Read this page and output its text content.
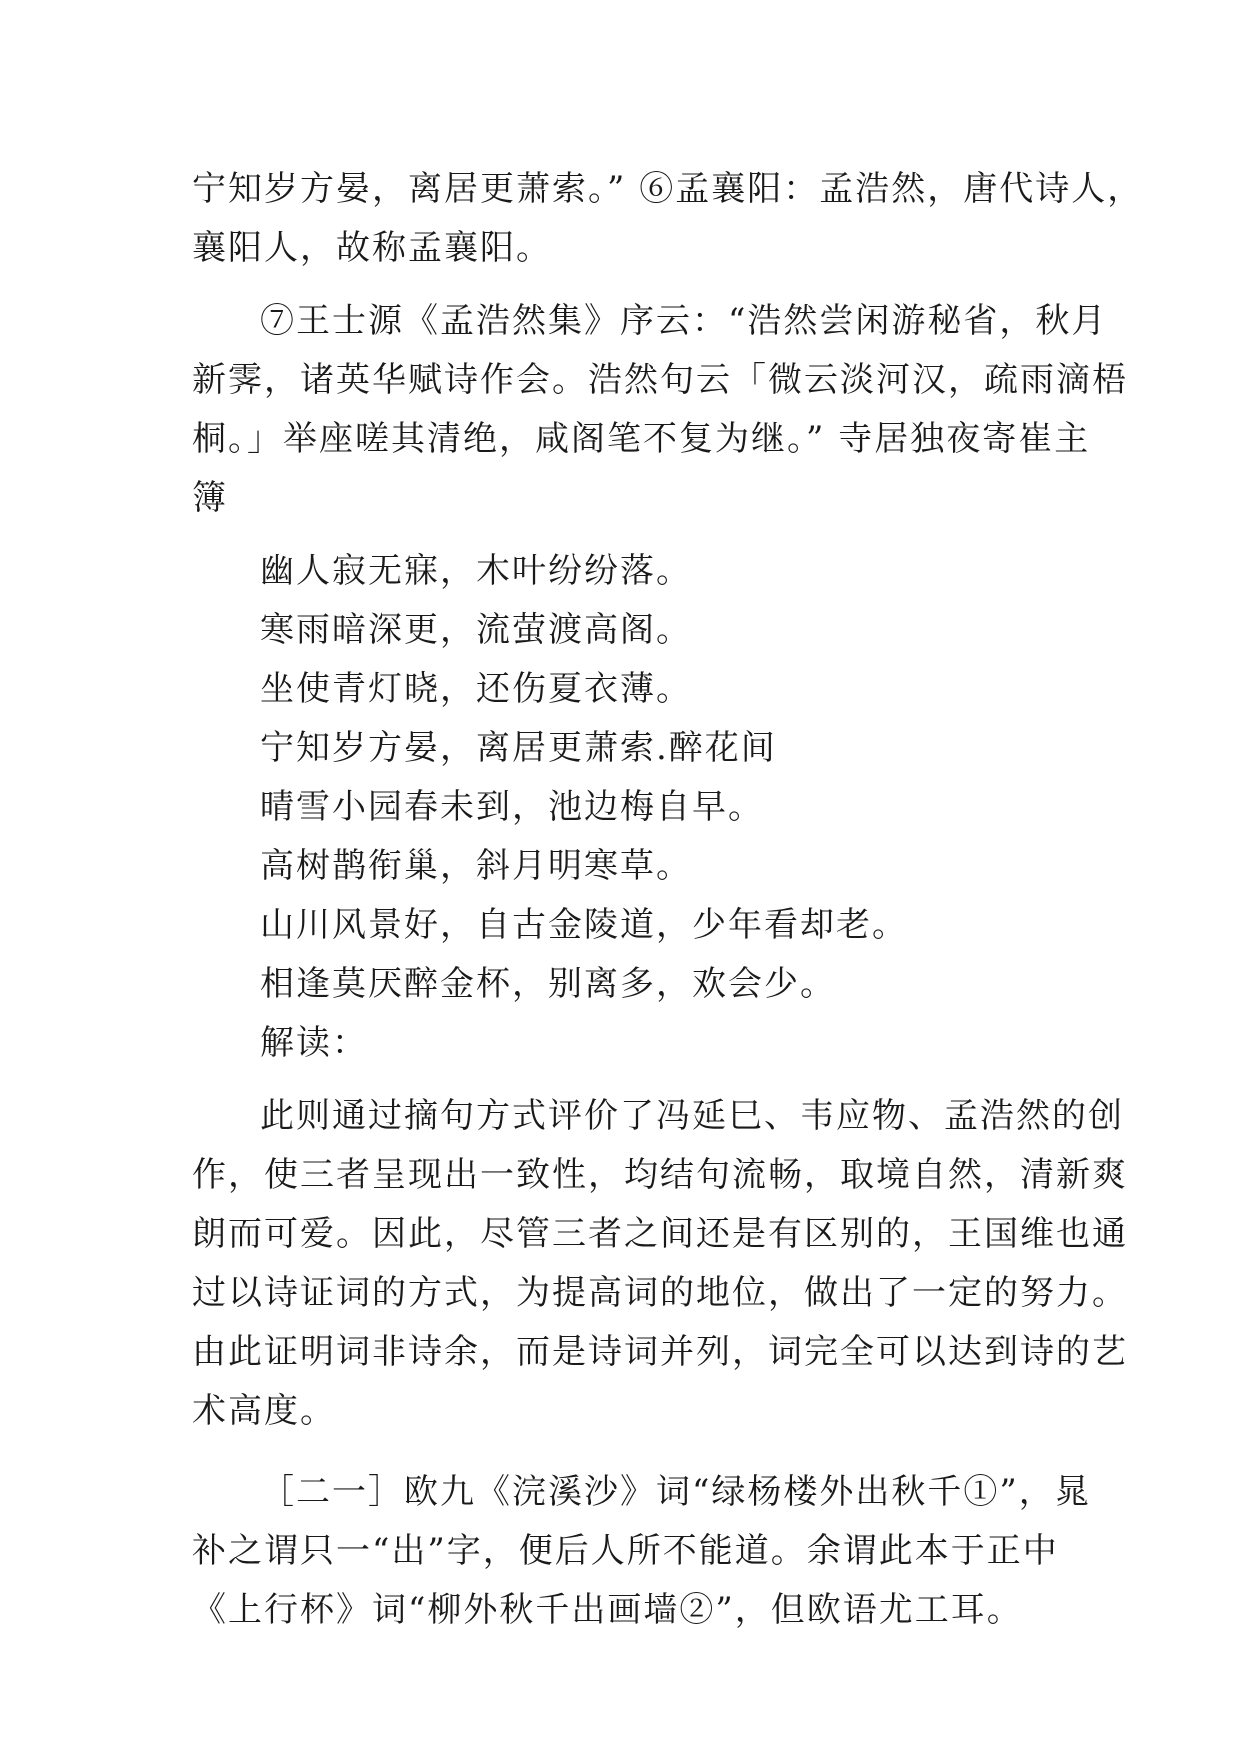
宁知岁方晏，离居更萧索。” ⑥孟襄阳：孟浩然，唐代诗人，
襄阳人，故称孟襄阳。
⑦王士源《孟浩然集》序云：“浩然尝闲游秘省，秋月
新霁，诸英华赋诗作会。浩然句云「微云淡河汉，疏雨滴梧
桐。」举座嗟其清绝，咸阁笔不复为继。” 寺居独夜寄崔主
簿
幽人寂无寐，木叶纷纷落。
寒雨暗深更，流萤渡高阁。
坐使青灯晓，还伤夏衣薄。
宁知岁方晏，离居更萧索.醉花间
晴雪小园春未到，池边梅自早。
高树鹊衔巢，斜月明寒草。
山川风景好，自古金陵道，少年看却老。
相逢莫厌醉金杯，别离多，欢会少。
解读：
此则通过摘句方式评价了冯延巳、韦应物、孟浩然的创
作，使三者呈现出一致性，均结句流畅，取境自然，清新爽
朗而可爱。因此，尽管三者之间还是有区别的，王国维也通
过以诗证词的方式，为提高词的地位，做出了一定的努力。
由此证明词非诗余，而是诗词并列，词完全可以达到诗的艺
术高度。
［二一］欧九《浣溪沙》词“绿杨楼外出秋千①”，晁
补之谓只一“出”字，便后人所不能道。余谓此本于正中
《上行杯》词“柳外秋千出画墙②”，但欧语尤工耳。
